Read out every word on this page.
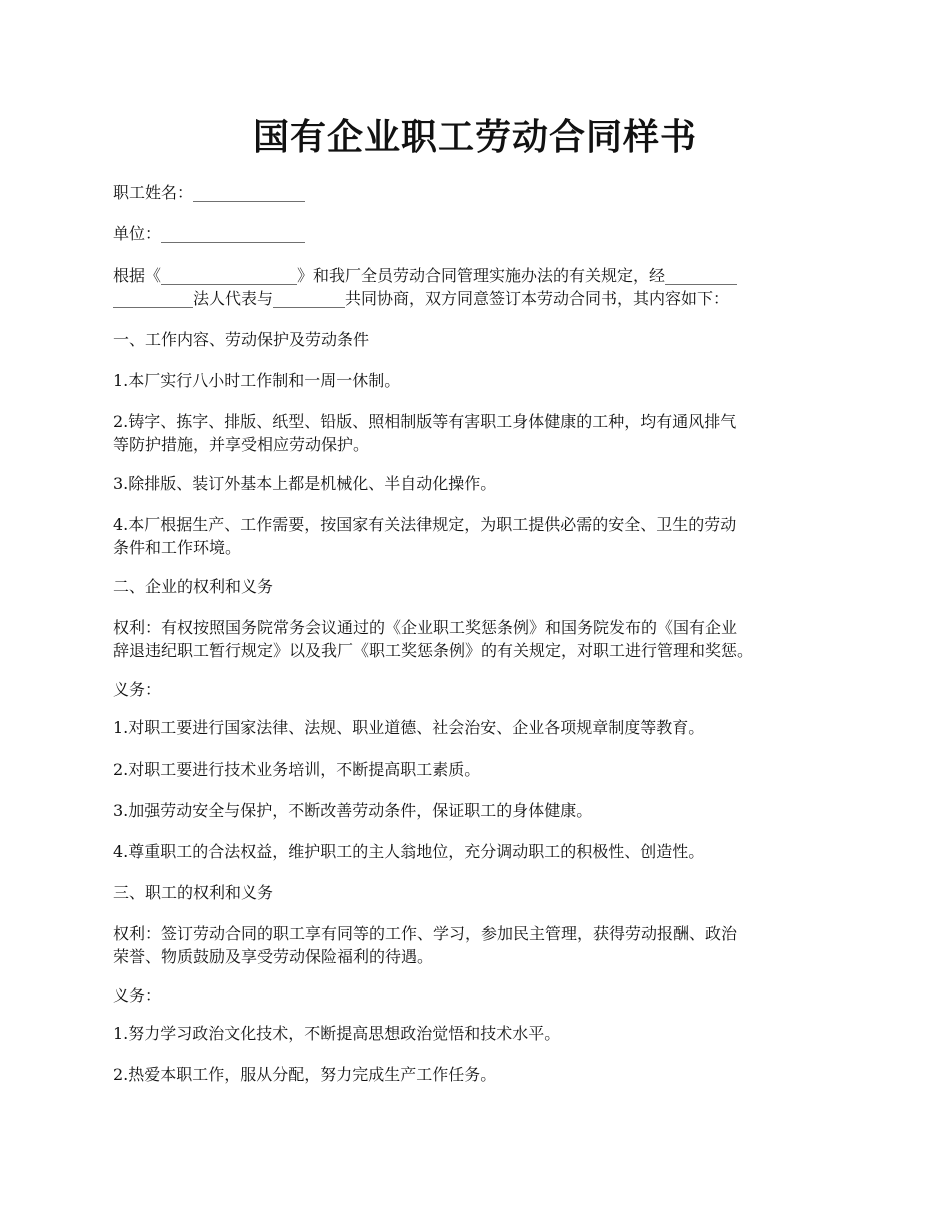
国有企业职工劳动合同样书

职工姓名：______________

单位：__________________

根据《_________________》和我厂全员劳动合同管理实施办法的有关规定，经_________
__________法人代表与_________共同协商，双方同意签订本劳动合同书，其内容如下：

一、工作内容、劳动保护及劳动条件

1.本厂实行八小时工作制和一周一休制。

2.铸字、拣字、排版、纸型、铅版、照相制版等有害职工身体健康的工种，均有通风排气
等防护措施，并享受相应劳动保护。

3.除排版、装订外基本上都是机械化、半自动化操作。

4.本厂根据生产、工作需要，按国家有关法律规定，为职工提供必需的安全、卫生的劳动
条件和工作环境。

二、企业的权利和义务

权利：有权按照国务院常务会议通过的《企业职工奖惩条例》和国务院发布的《国有企业
辞退违纪职工暂行规定》以及我厂《职工奖惩条例》的有关规定，对职工进行管理和奖惩。

义务：

1.对职工要进行国家法律、法规、职业道德、社会治安、企业各项规章制度等教育。

2.对职工要进行技术业务培训，不断提高职工素质。

3.加强劳动安全与保护，不断改善劳动条件，保证职工的身体健康。

4.尊重职工的合法权益，维护职工的主人翁地位，充分调动职工的积极性、创造性。

三、职工的权利和义务

权利：签订劳动合同的职工享有同等的工作、学习，参加民主管理，获得劳动报酬、政治
荣誉、物质鼓励及享受劳动保险福利的待遇。

义务：

1.努力学习政治文化技术，不断提高思想政治觉悟和技术水平。

2.热爱本职工作，服从分配，努力完成生产工作任务。
